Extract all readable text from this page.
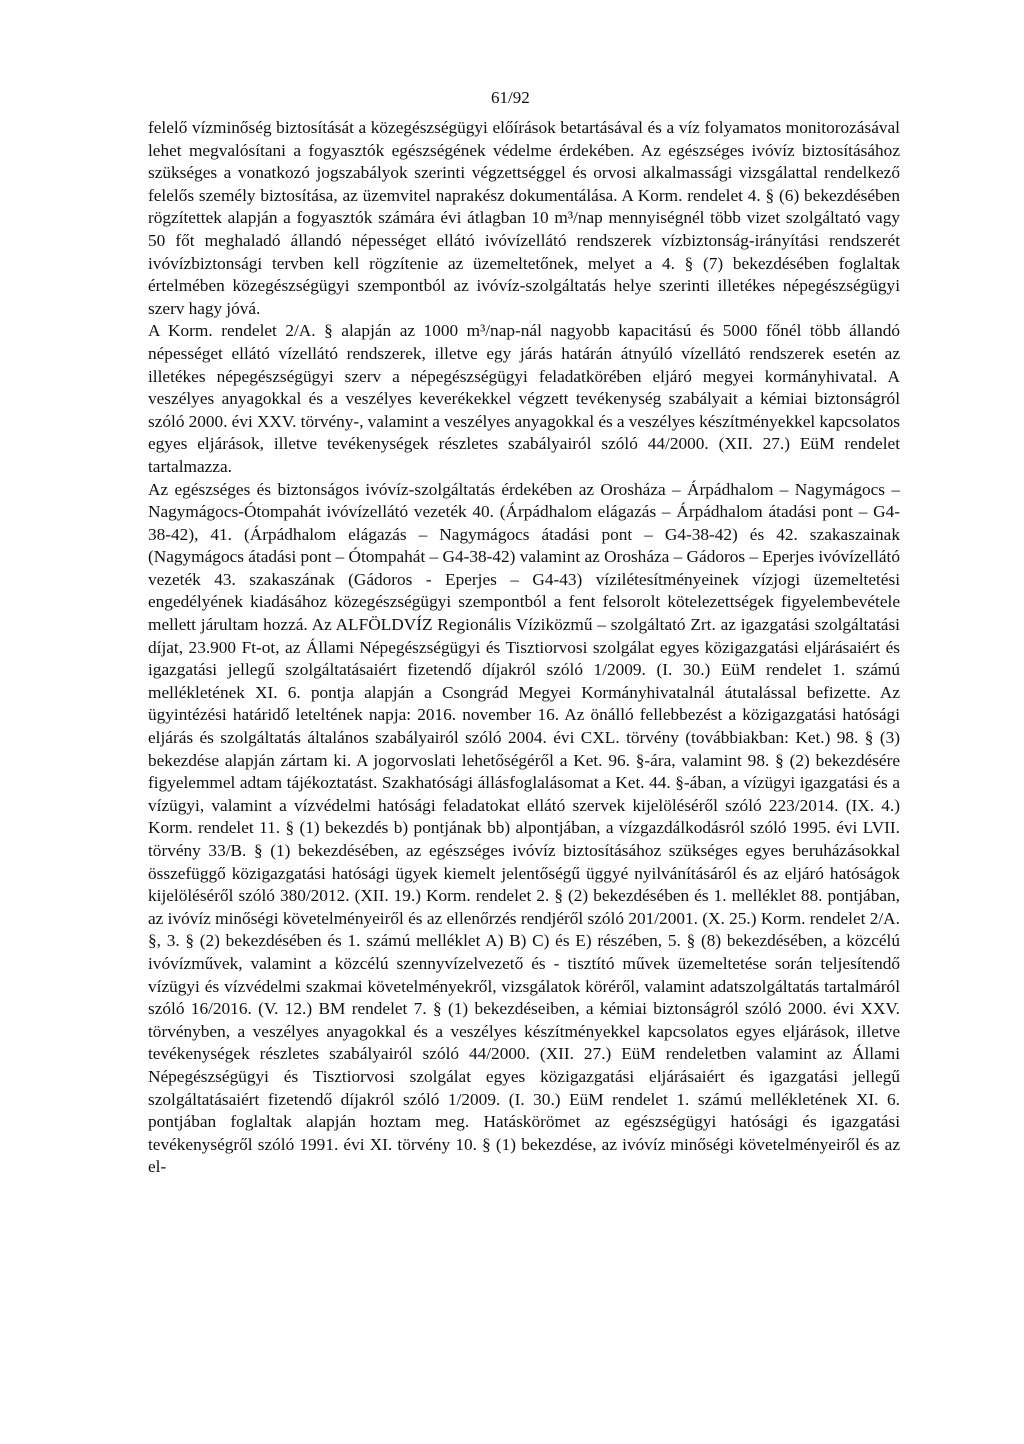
61/92

felelő vízminőség biztosítását a közegészségügyi előírások betartásával és a víz folyamatos monitorozásával lehet megvalósítani a fogyasztók egészségének védelme érdekében. Az egészséges ivóvíz biztosításához szükséges a vonatkozó jogszabályok szerinti végzettséggel és orvosi alkalmassági vizsgálattal rendelkező felelős személy biztosítása, az üzemvitel naprakész dokumentálása. A Korm. rendelet 4. § (6) bekezdésében rögzítettek alapján a fogyasztók számára évi átlagban 10 m³/nap mennyiségnél több vizet szolgáltató vagy 50 főt meghaladó állandó népességet ellátó ivóvízellátó rendszerek vízbiztonság-irányítási rendszerét ivóvízbiztonsági tervben kell rögzítenie az üzemeltetőnek, melyet a 4. § (7) bekezdésében foglaltak értelmében közegészségügyi szempontból az ivóvíz-szolgáltatás helye szerinti illetékes népegészségügyi szerv hagy jóvá.

A Korm. rendelet 2/A. § alapján az 1000 m³/nap-nál nagyobb kapacitású és 5000 főnél több állandó népességet ellátó vízellátó rendszerek, illetve egy járás határán átnyúló vízellátó rendszerek esetén az illetékes népegészségügyi szerv a népegészségügyi feladatkörében eljáró megyei kormányhivatal. A veszélyes anyagokkal és a veszélyes keverékekkel végzett tevékenység szabályait a kémiai biztonságról szóló 2000. évi XXV. törvény-, valamint a veszélyes anyagokkal és a veszélyes készítményekkel kapcsolatos egyes eljárások, illetve tevékenységek részletes szabályairól szóló 44/2000. (XII. 27.) EüM rendelet tartalmazza.

Az egészséges és biztonságos ivóvíz-szolgáltatás érdekében az Orosháza – Árpádhalom – Nagymágocs – Nagymágocs-Ótompahát ivóvízellátó vezeték 40. (Árpádhalom elágazás – Árpádhalom átadási pont – G4-38-42), 41. (Árpádhalom elágazás – Nagymágocs átadási pont – G4-38-42) és 42. szakaszainak (Nagymágocs átadási pont – Ótompahát – G4-38-42) valamint az Orosháza – Gádoros – Eperjes ivóvízellátó vezeték 43. szakaszának (Gádoros - Eperjes – G4-43) vízilétesítményeinek vízjogi üzemeltetési engedélyének kiadásához közegészségügyi szempontból a fent felsorolt kötelezettségek figyelembevétele mellett járultam hozzá. Az ALFÖLDVÍZ Regionális Víziközmű – szolgáltató Zrt. az igazgatási szolgáltatási díjat, 23.900 Ft-ot, az Állami Népegészségügyi és Tisztiorvosi szolgálat egyes közigazgatási eljárásaiért és igazgatási jellegű szolgáltatásaiért fizetendő díjakról szóló 1/2009. (I. 30.) EüM rendelet 1. számú mellékletének XI. 6. pontja alapján a Csongrád Megyei Kormányhivatalnál átutalással befizette. Az ügyintézési határidő leteltének napja: 2016. november 16. Az önálló fellebbezést a közigazgatási hatósági eljárás és szolgáltatás általános szabályairól szóló 2004. évi CXL. törvény (továbbiakban: Ket.) 98. § (3) bekezdése alapján zártam ki. A jogorvoslati lehetőségéről a Ket. 96. §-ára, valamint 98. § (2) bekezdésére figyelemmel adtam tájékoztatást. Szakhatósági állásfoglalásomat a Ket. 44. §-ában, a vízügyi igazgatási és a vízügyi, valamint a vízvédelmi hatósági feladatokat ellátó szervek kijelöléséről szóló 223/2014. (IX. 4.) Korm. rendelet 11. § (1) bekezdés b) pontjának bb) alpontjában, a vízgazdálkodásról szóló 1995. évi LVII. törvény 33/B. § (1) bekezdésében, az egészséges ivóvíz biztosításához szükséges egyes beruházásokkal összefüggő közigazgatási hatósági ügyek kiemelt jelentőségű üggyé nyilvánításáról és az eljáró hatóságok kijelöléséről szóló 380/2012. (XII. 19.) Korm. rendelet 2. § (2) bekezdésében és 1. melléklet 88. pontjában, az ivóvíz minőségi követelményeiről és az ellenőrzés rendjéről szóló 201/2001. (X. 25.) Korm. rendelet 2/A. §, 3. § (2) bekezdésében és 1. számú melléklet A) B) C) és E) részében, 5. § (8) bekezdésében, a közcélú ivóvízművek, valamint a közcélú szennyvízelvezető és - tisztító művek üzemeltetése során teljesítendő vízügyi és vízvédelmi szakmai követelményekről, vizsgálatok köréről, valamint adatszolgáltatás tartalmáról szóló 16/2016. (V. 12.) BM rendelet 7. § (1) bekezdéseiben, a kémiai biztonságról szóló 2000. évi XXV. törvényben, a veszélyes anyagokkal és a veszélyes készítményekkel kapcsolatos egyes eljárások, illetve tevékenységek részletes szabályairól szóló 44/2000. (XII. 27.) EüM rendeletben valamint az Állami Népegészségügyi és Tisztiorvosi szolgálat egyes közigazgatási eljárásaiért és igazgatási jellegű szolgáltatásaiért fizetendő díjakról szóló 1/2009. (I. 30.) EüM rendelet 1. számú mellékletének XI. 6. pontjában foglaltak alapján hoztam meg. Hatáskörömet az egészségügyi hatósági és igazgatási tevékenységről szóló 1991. évi XI. törvény 10. § (1) bekezdése, az ivóvíz minőségi követelményeiről és az el-
